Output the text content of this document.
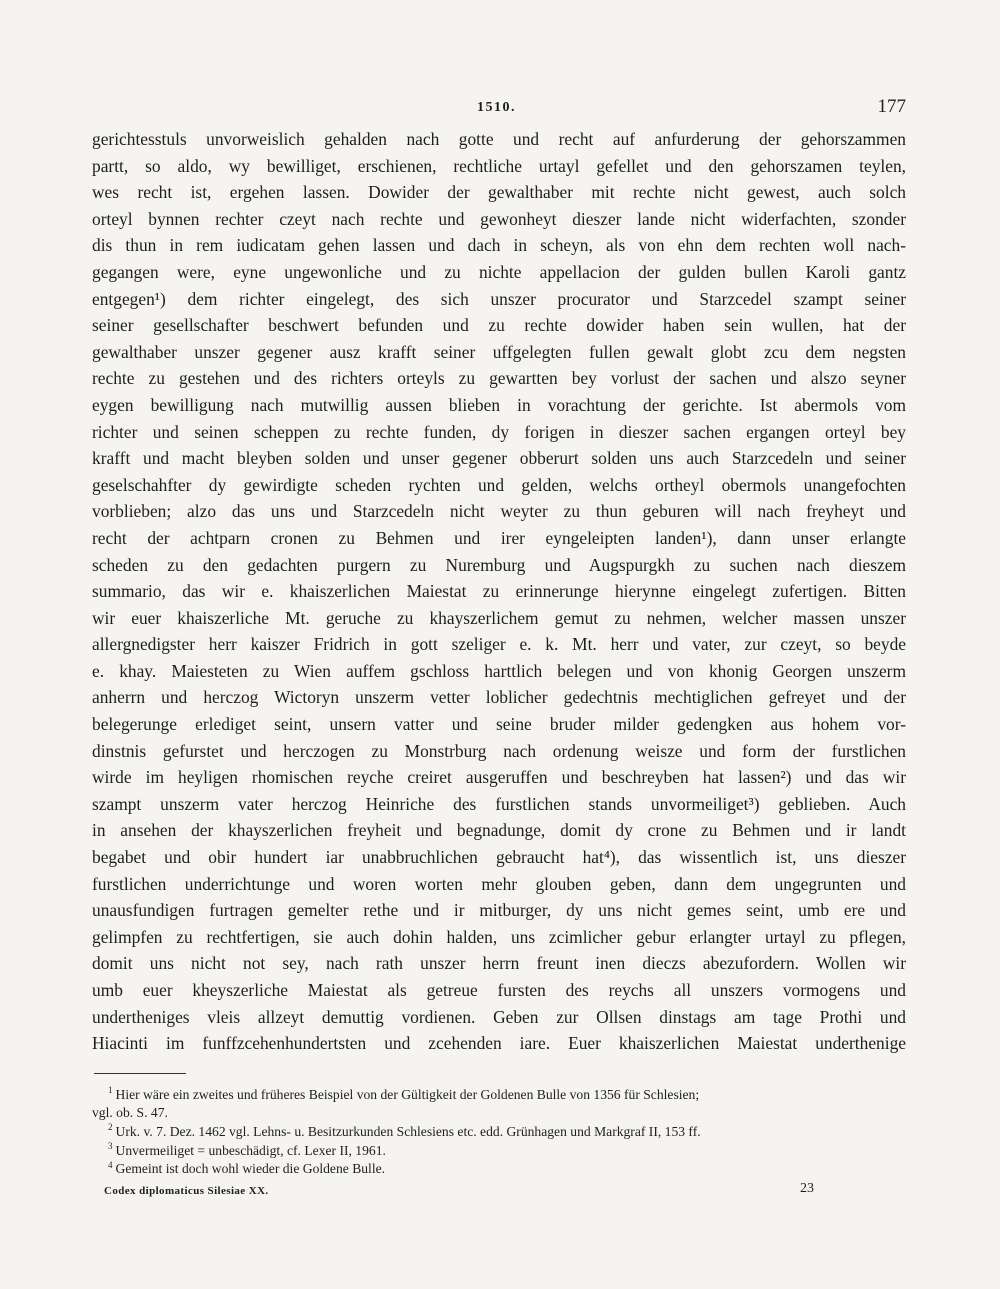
1510.	177
gerichtesstuls unvorweislich gehalden nach gotte und recht auf anfurderung der gehorszammen
partt, so aldo, wy bewilliget, erschienen, rechtliche urtayl gefellet und den gehorszamen teylen,
wes recht ist, ergehen lassen. Dowider der gewalthaber mit rechte nicht gewest, auch solch
orteyl bynnen rechter czeyt nach rechte und gewonheyt dieszer lande nicht widerfachten, szonder
dis thun in rem iudicatam gehen lassen und dach in scheyn, als von ehn dem rechten woll nach-
gegangen were, eyne ungewonliche und zu nichte appellacion der gulden bullen Karoli gantz
entgegen¹) dem richter eingelegt, des sich unszer procurator und Starzcedel szampt seiner
seiner gesellschafter beschwert befunden und zu rechte dowider haben sein wullen, hat der
gewalthaber unszer gegener ausz krafft seiner uffgelegten fullen gewalt globt zcu dem negsten
rechte zu gestehen und des richters orteyls zu gewartten bey vorlust der sachen und alszo seyner
eygen bewilligung nach mutwillig aussen blieben in vorachtung der gerichte. Ist abermols vom
richter und seinen scheppen zu rechte funden, dy forigen in dieszer sachen ergangen orteyl bey
krafft und macht bleyben solden und unser gegener obberurt solden uns auch Starzcedeln und seiner
geselschahfter dy gewirdigte scheden rychten und gelden, welchs ortheyl obermols unangefochten
vorblieben; alzo das uns und Starzcedeln nicht weyter zu thun geburen will nach freyheyt und
recht der achtparn cronen zu Behmen und irer eyngeleipten landen¹), dann unser erlangte
scheden zu den gedachten purgern zu Nuremburg und Augspurgkh zu suchen nach dieszem
summario, das wir e. khaiszerlichen Maiestat zu erinnerunge hierynne eingelegt zufertigen. Bitten
wir euer khaiszerliche Mt. geruche zu khayszerlichem gemut zu nehmen, welcher massen unszer
allergnedigster herr kaiszer Fridrich in gott szeliger e. k. Mt. herr und vater, zur czeyt, so beyde
e. khay. Maiesteten zu Wien auffem gschloss harttlich belegen und von khonig Georgen unszerm
anherrn und herczog Wictoryn unszerm vetter loblicher gedechtnis mechtiglichen gefreyet und der
belegerunge erlediget seint, unsern vatter und seine bruder milder gedengken aus hohem vor-
dinstnis gefurstet und herczogen zu Monstrburg nach ordenung weisze und form der furstlichen
wirde im heyligen rhomischen reyche creiret ausgeruffen und beschreyben hat lassen²) und das wir
szampt unszerm vater herczog Heinriche des furstlichen stands unvormeiliget³) geblieben. Auch
in ansehen der khayszerlichen freyheit und begnadunge, domit dy crone zu Behmen und ir landt
begabet und obir hundert iar unabbruchlichen gebraucht hat⁴), das wissentlich ist, uns dieszer
furstlichen underrichtunge und woren worten mehr glouben geben, dann dem ungegrunten und
unausfundigen furtragen gemelter rethe und ir mitburger, dy uns nicht gemes seint, umb ere und
gelimpfen zu rechtfertigen, sie auch dohin halden, uns zcimlicher gebur erlangter urtayl zu pflegen,
domit uns nicht not sey, nach rath unszer herrn freunt inen dieczs abezufordern. Wollen wir
umb euer kheyszerliche Maiestat als getreue fursten des reychs all unszers vormogens und
undertheniges vleis allzeyt demuttig vordienen. Geben zur Ollsen dinstags am tage Prothi und
Hiacinti im funffzcehenhundertsten und zcehenden iare. Euer khaiszerlichen Maiestat underthenige
$^1$ Hier wäre ein zweites und früheres Beispiel von der Gültigkeit der Goldenen Bulle von 1356 für Schlesien;
vgl. ob. S. 47.
$^2$ Urk. v. 7. Dez. 1462 vgl. Lehns- u. Besitzurkunden Schlesiens etc. edd. Grünhagen und Markgraf II, 153 ff.
$^3$ Unvermeiliget = unbeschädigt, cf. Lexer II, 1961.
$^4$ Gemeint ist doch wohl wieder die Goldene Bulle.
Codex diplomaticus Silesiae XX.	23
